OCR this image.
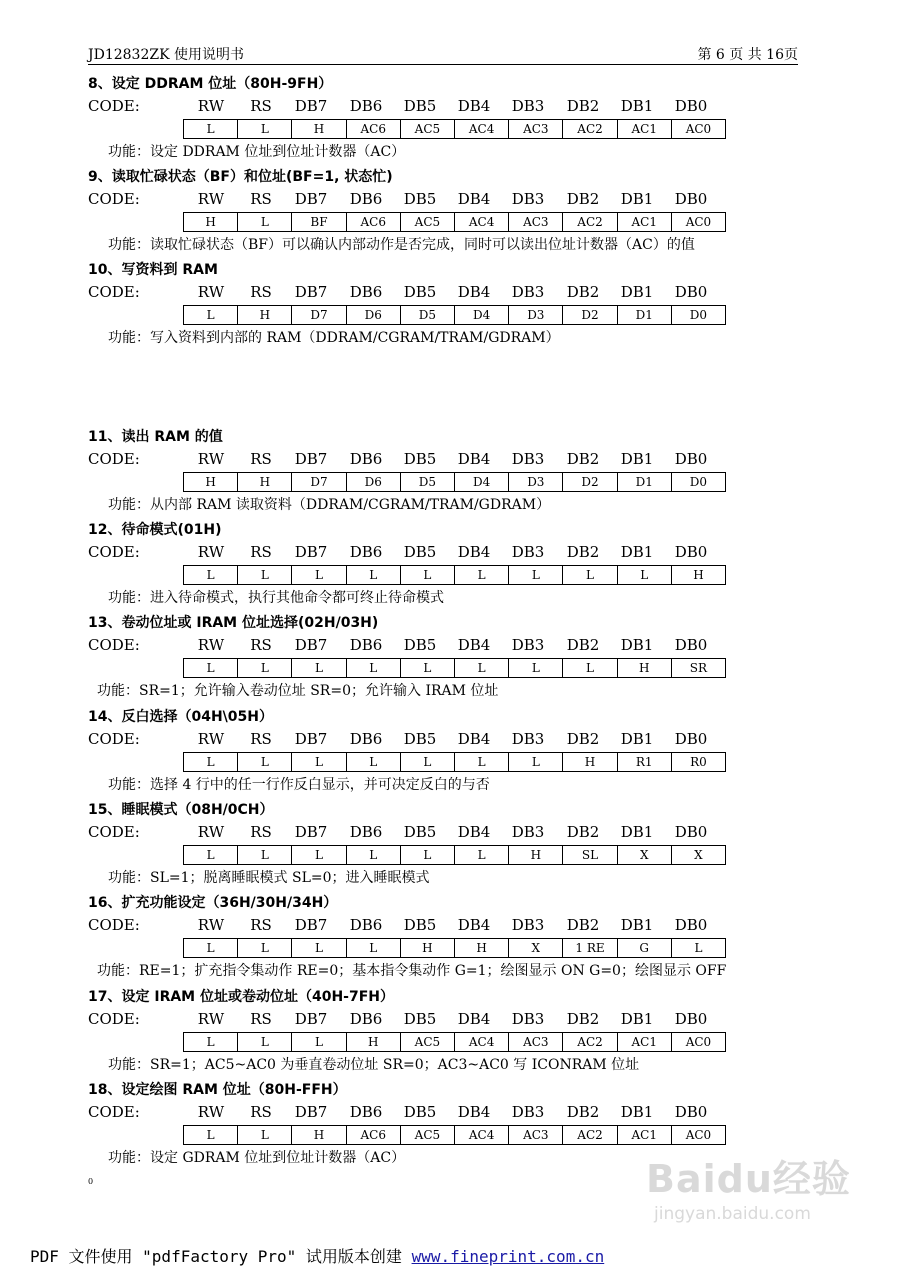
JD12832ZK 使用说明书	第 6 页 共 16页
8、设定 DDRAM 位址（80H-9FH）
CODE:	RW	RS	DB7	DB6	DB5	DB4	DB3	DB2	DB1	DB0
L	L	H	AC6	AC5	AC4	AC3	AC2	AC1	AC0
功能：设定 DDRAM 位址到位址计数器（AC）
9、读取忙碌状态（BF）和位址(BF=1, 状态忙)
CODE:	RW	RS	DB7	DB6	DB5	DB4	DB3	DB2	DB1	DB0
H	L	BF	AC6	AC5	AC4	AC3	AC2	AC1	AC0
功能：读取忙碌状态（BF）可以确认内部动作是否完成，同时可以读出位址计数器（AC）的值
10、写资料到 RAM
CODE:	RW	RS	DB7	DB6	DB5	DB4	DB3	DB2	DB1	DB0
L	H	D7	D6	D5	D4	D3	D2	D1	D0
功能：写入资料到内部的 RAM（DDRAM/CGRAM/TRAM/GDRAM）
11、读出 RAM 的值
CODE:	RW	RS	DB7	DB6	DB5	DB4	DB3	DB2	DB1	DB0
H	H	D7	D6	D5	D4	D3	D2	D1	D0
功能：从内部 RAM 读取资料（DDRAM/CGRAM/TRAM/GDRAM）
12、待命模式(01H)
CODE:	RW	RS	DB7	DB6	DB5	DB4	DB3	DB2	DB1	DB0
L	L	L	L	L	L	L	L	L	H
功能：进入待命模式，执行其他命令都可终止待命模式
13、卷动位址或 IRAM 位址选择(02H/03H)
CODE:	RW	RS	DB7	DB6	DB5	DB4	DB3	DB2	DB1	DB0
L	L	L	L	L	L	L	L	H	SR
功能：SR=1；允许输入卷动位址 SR=0；允许输入 IRAM 位址
14、反白选择（04H\05H）
CODE:	RW	RS	DB7	DB6	DB5	DB4	DB3	DB2	DB1	DB0
L	L	L	L	L	L	L	H	R1	R0
功能：选择 4 行中的任一行作反白显示，并可决定反白的与否
15、睡眠模式（08H/0CH）
CODE:	RW	RS	DB7	DB6	DB5	DB4	DB3	DB2	DB1	DB0
L	L	L	L	L	L	H	SL	X	X
功能：SL=1；脱离睡眠模式 SL=0；进入睡眠模式
16、扩充功能设定（36H/30H/34H）
CODE:	RW	RS	DB7	DB6	DB5	DB4	DB3	DB2	DB1	DB0
L	L	L	L	H	H	X	1 RE	G	L
功能：RE=1；扩充指令集动作 RE=0；基本指令集动作 G=1；绘图显示 ON G=0；绘图显示 OFF
17、设定 IRAM 位址或卷动位址（40H-7FH）
CODE:	RW	RS	DB7	DB6	DB5	DB4	DB3	DB2	DB1	DB0
L	L	L	H	AC5	AC4	AC3	AC2	AC1	AC0
功能：SR=1；AC5~AC0 为垂直卷动位址 SR=0；AC3~AC0 写 ICONRAM 位址
18、设定绘图 RAM 位址（80H-FFH）
CODE:	RW	RS	DB7	DB6	DB5	DB4	DB3	DB2	DB1	DB0
L	L	H	AC6	AC5	AC4	AC3	AC2	AC1	AC0
功能：设定 GDRAM 位址到位址计数器（AC）
0	Baidu经验
jingyan.baidu.com
PDF 文件使用 "pdfFactory Pro" 试用版本创建 www.fineprint.com.cn
